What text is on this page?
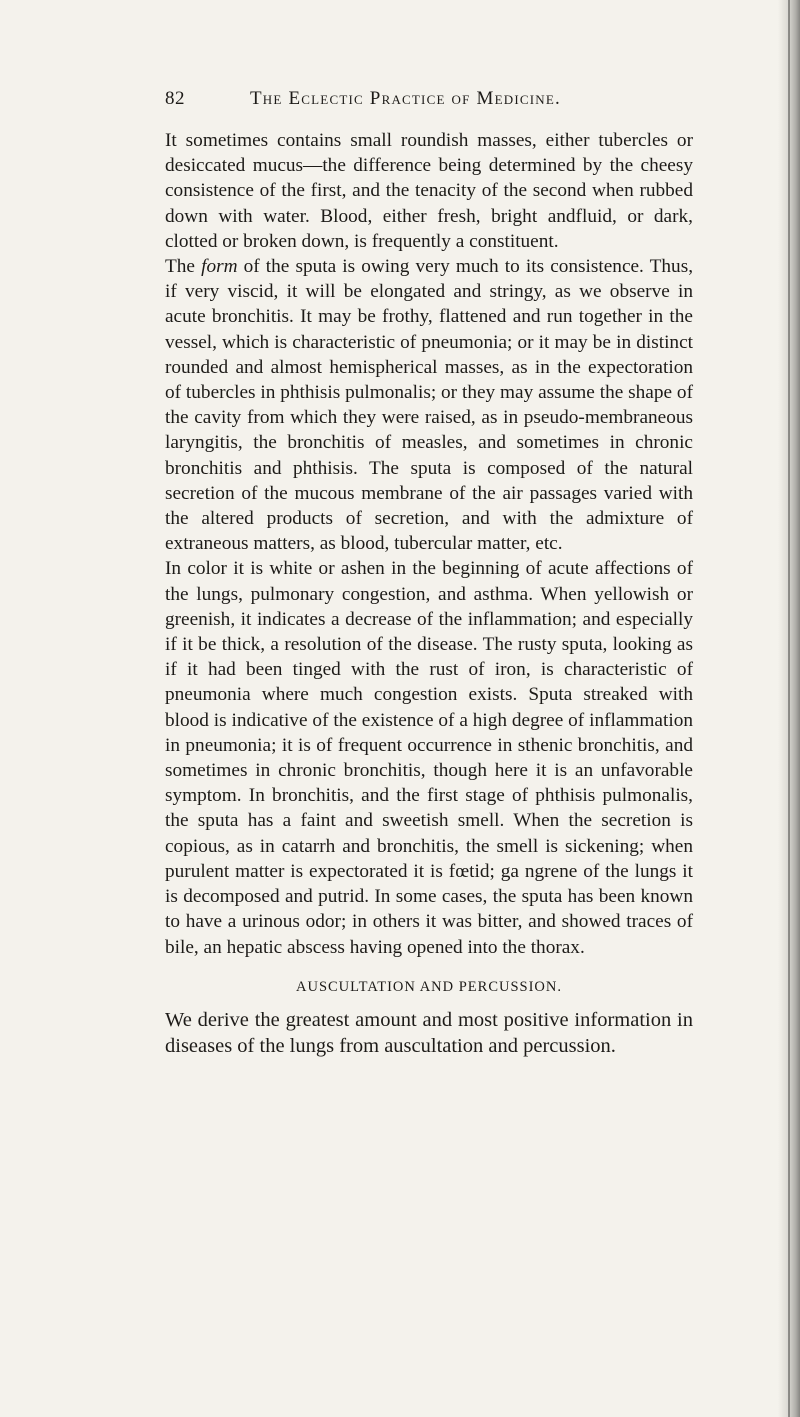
82	The Eclectic Practice of Medicine.

It sometimes contains small roundish masses, either tubercles or desiccated mucus—the difference being determined by the cheesy consistence of the first, and the tenacity of the second when rubbed down with water. Blood, either fresh, bright andfluid, or dark, clotted or broken down, is frequently a constituent.

The form of the sputa is owing very much to its consistence. Thus, if very viscid, it will be elongated and stringy, as we observe in acute bronchitis. It may be frothy, flattened and run together in the vessel, which is characteristic of pneumonia; or it may be in distinct rounded and almost hemispherical masses, as in the expectoration of tubercles in phthisis pulmonalis; or they may assume the shape of the cavity from which they were raised, as in pseudo-membraneous laryngitis, the bronchitis of measles, and sometimes in chronic bronchitis and phthisis. The sputa is composed of the natural secretion of the mucous membrane of the air passages varied with the altered products of secretion, and with the admixture of extraneous matters, as blood, tubercular matter, etc.

In color it is white or ashen in the beginning of acute affections of the lungs, pulmonary congestion, and asthma. When yellowish or greenish, it indicates a decrease of the inflammation; and especially if it be thick, a resolution of the disease. The rusty sputa, looking as if it had been tinged with the rust of iron, is characteristic of pneumonia where much congestion exists. Sputa streaked with blood is indicative of the existence of a high degree of inflammation in pneumonia; it is of frequent occurrence in sthenic bronchitis, and sometimes in chronic bronchitis, though here it is an unfavorable symptom. In bronchitis, and the first stage of phthisis pulmonalis, the sputa has a faint and sweetish smell. When the secretion is copious, as in catarrh and bronchitis, the smell is sickening; when purulent matter is expectorated it is fœtid; ga ngrene of the lungs it is decomposed and putrid. In some cases, the sputa has been known to have a urinous odor; in others it was bitter, and showed traces of bile, an hepatic abscess having opened into the thorax.

AUSCULTATION AND PERCUSSION.

We derive the greatest amount and most positive information in diseases of the lungs from auscultation and percussion.
